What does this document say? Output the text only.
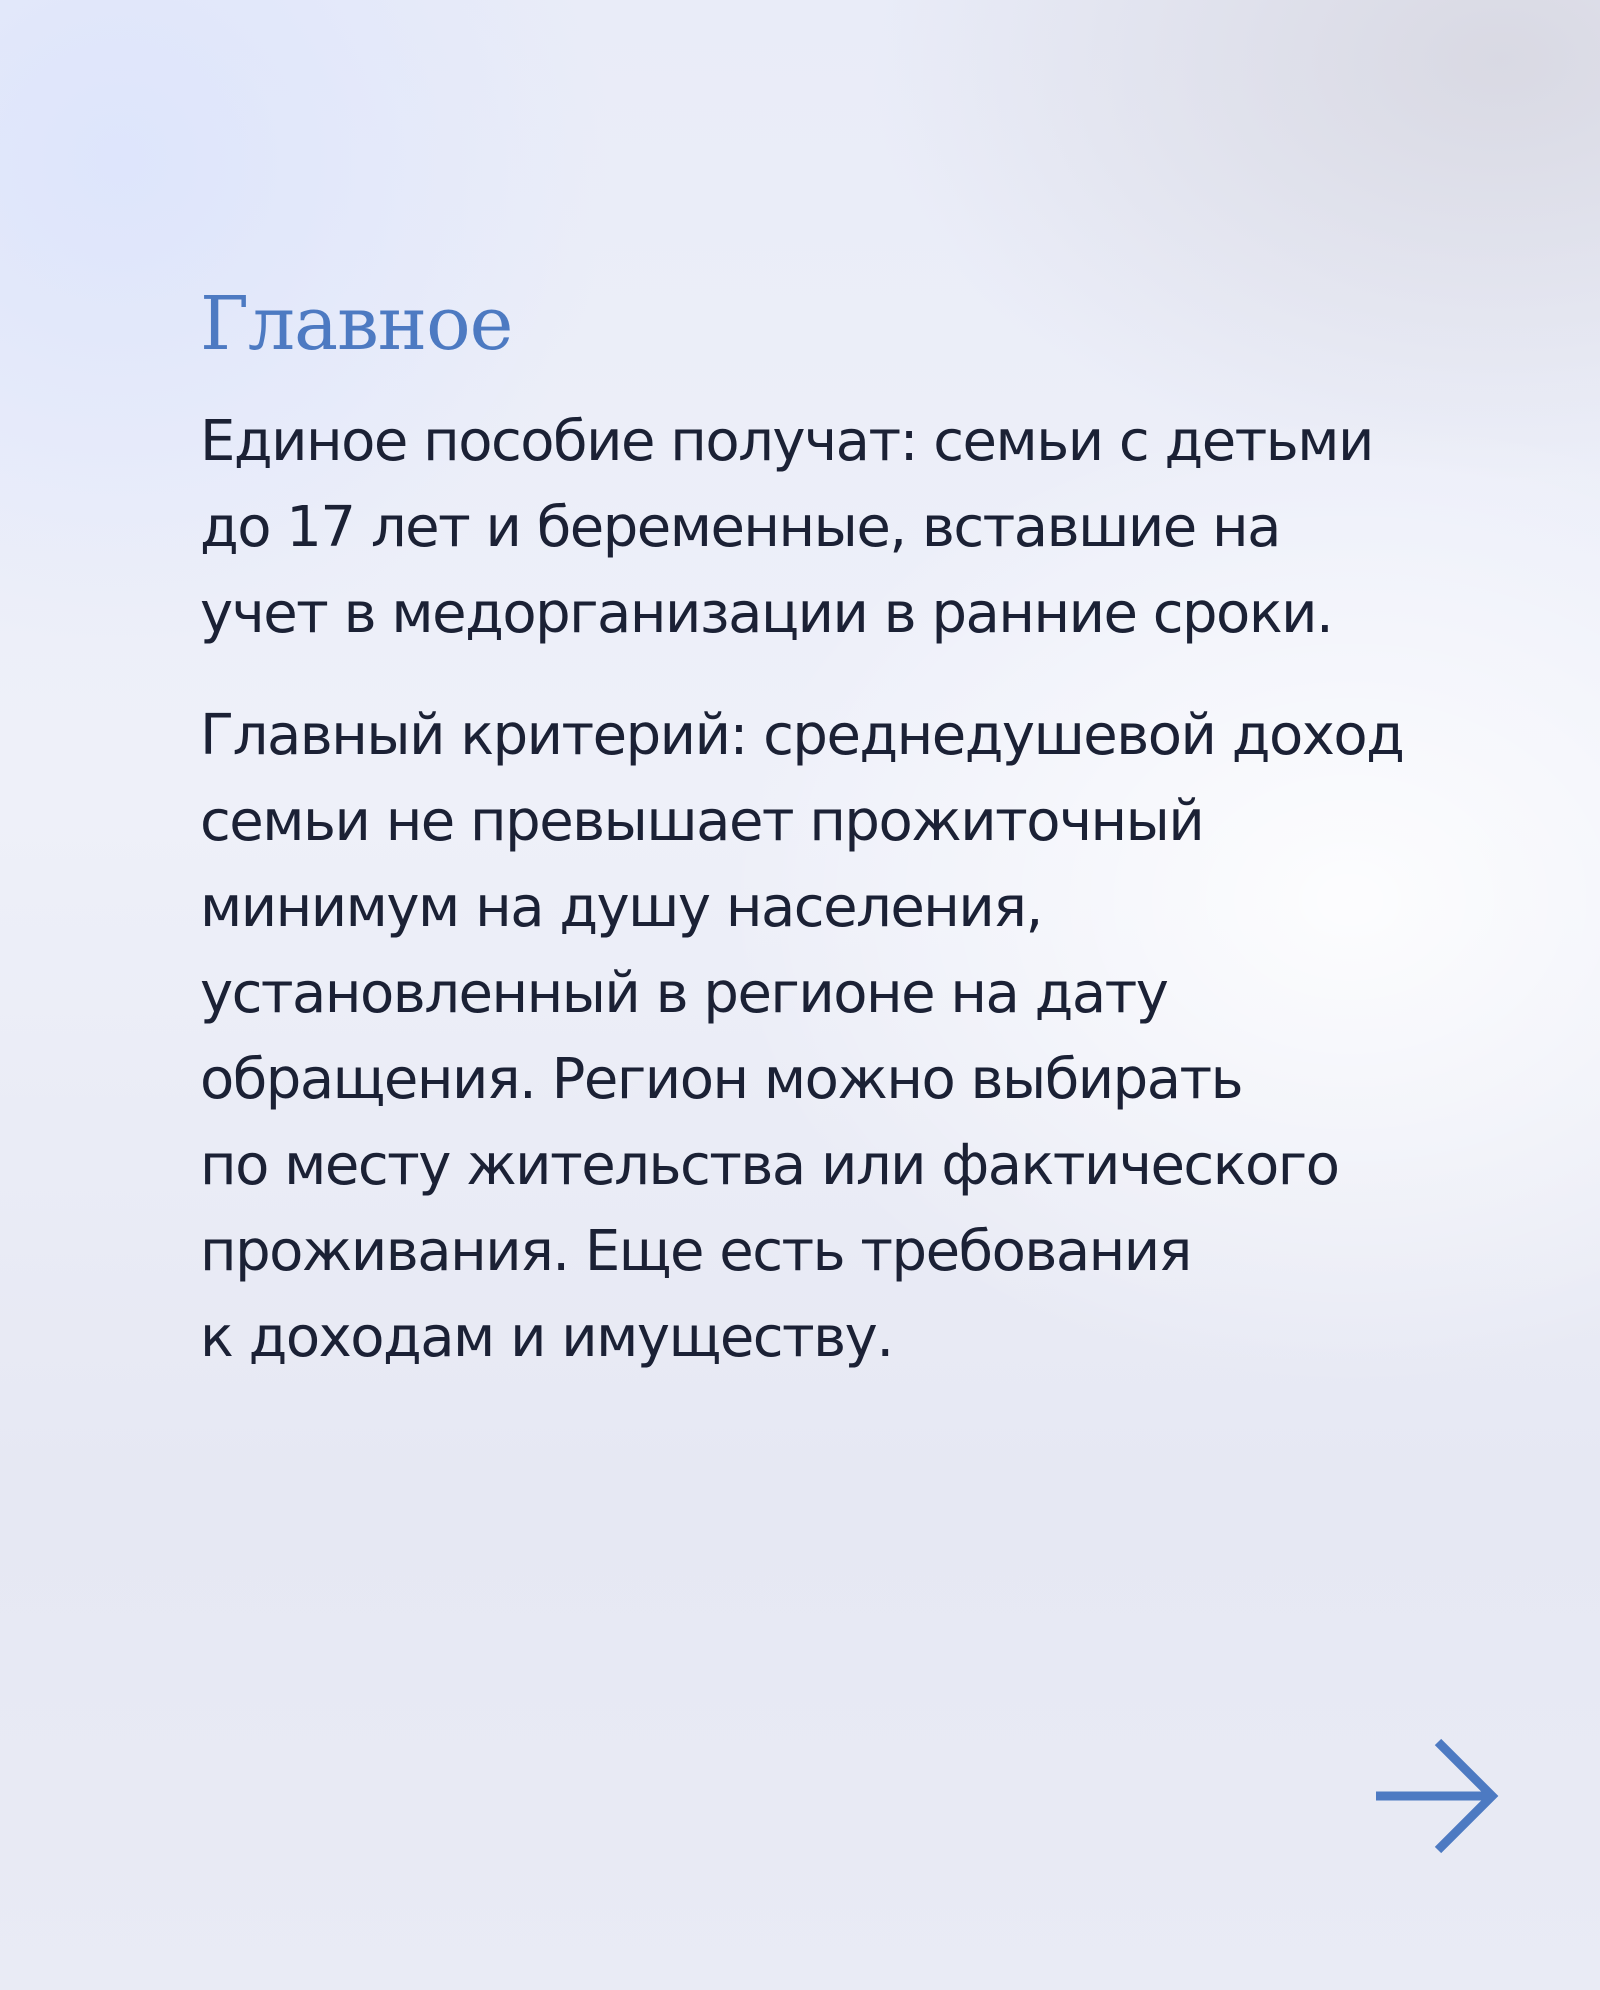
Главное

Единое пособие получат: семьи с детьми
до 17 лет и беременные, вставшие на
учет в медорганизации в ранние сроки.

Главный критерий: среднедушевой доход
семьи не превышает прожиточный
минимум на душу населения,
установленный в регионе на дату
обращения. Регион можно выбирать
по месту жительства или фактического
проживания. Еще есть требования
к доходам и имуществу.
